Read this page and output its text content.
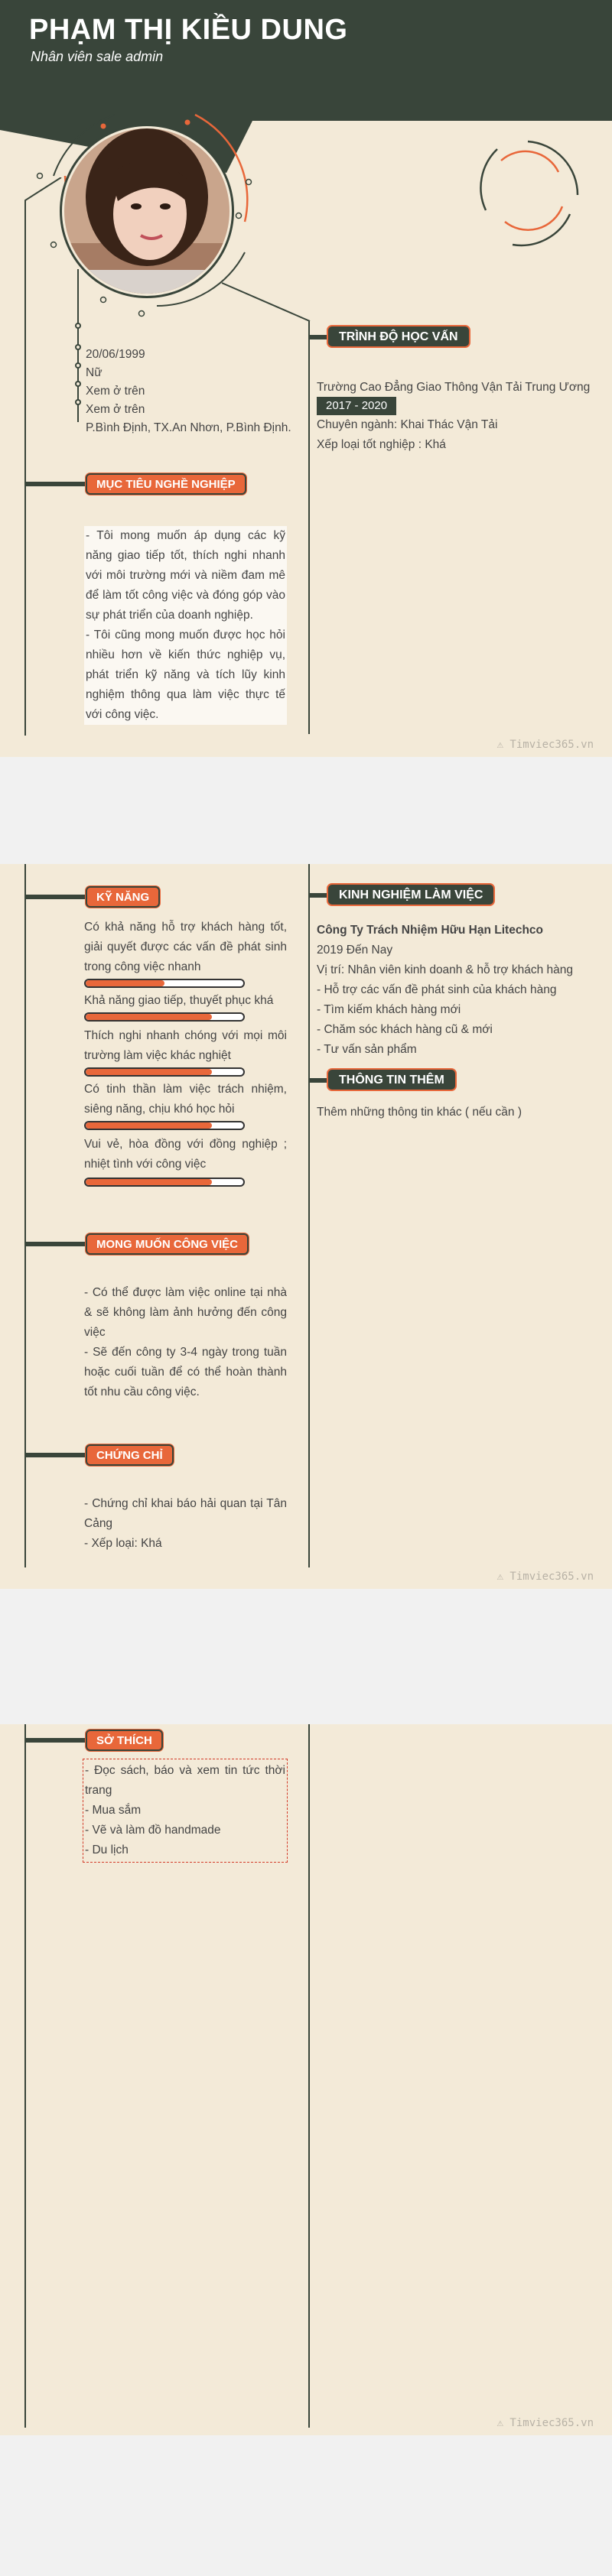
PHẠM THỊ KIỀU DUNG
Nhân viên sale admin
20/06/1999
Nữ
Xem ở trên
Xem ở trên
P.Bình Định, TX.An Nhơn, P.Bình Định.
MỤC TIÊU NGHỀ NGHIỆP
- Tôi mong muốn áp dụng các kỹ năng giao tiếp tốt, thích nghi nhanh với môi trường mới và niềm đam mê để làm tốt công việc và đóng góp vào sự phát triển của doanh nghiệp.
- Tôi cũng mong muốn được học hỏi nhiều hơn về kiến thức nghiệp vụ, phát triển kỹ năng và tích lũy kinh nghiệm thông qua làm việc thực tế với công việc.
TRÌNH ĐỘ HỌC VẤN
Trường Cao Đẳng Giao Thông Vận Tải Trung Ương
2017 - 2020
Chuyên ngành: Khai Thác Vận Tải
Xếp loại tốt nghiệp : Khá
⚠ Timviec365.vn
KỸ NĂNG
Có khả năng hỗ trợ khách hàng tốt, giải quyết được các vấn đề phát sinh trong công việc nhanh
Khả năng giao tiếp, thuyết phục khá
Thích nghi nhanh chóng với mọi môi trường làm việc khác nghiệt
Có tinh thần làm việc trách nhiệm, siêng năng, chịu khó học hỏi
Vui vẻ, hòa đồng với đồng nghiệp ; nhiệt tình với công việc
MONG MUỐN CÔNG VIỆC
- Có thể được làm việc online tại nhà & sẽ không làm ảnh hưởng đến công việc
- Sẽ đến công ty 3-4 ngày trong tuần hoặc cuối tuần để có thể hoàn thành tốt nhu cầu công việc.
CHỨNG CHỈ
- Chứng chỉ khai báo hải quan tại Tân Cảng
- Xếp loại: Khá
KINH NGHIỆM LÀM VIỆC
Công Ty Trách Nhiệm Hữu Hạn Litechco
2019 Đến Nay
Vị trí: Nhân viên kinh doanh & hỗ trợ khách hàng
- Hỗ trợ các vấn đề phát sinh của khách hàng
- Tìm kiếm khách hàng mới
- Chăm sóc khách hàng cũ & mới
- Tư vấn sản phẩm
THÔNG TIN THÊM
Thêm những thông tin khác ( nếu cần )
⚠ Timviec365.vn
SỞ THÍCH
- Đọc sách, báo và xem tin tức thời trang
- Mua sắm
- Vẽ và làm đồ handmade
- Du lịch
⚠ Timviec365.vn
